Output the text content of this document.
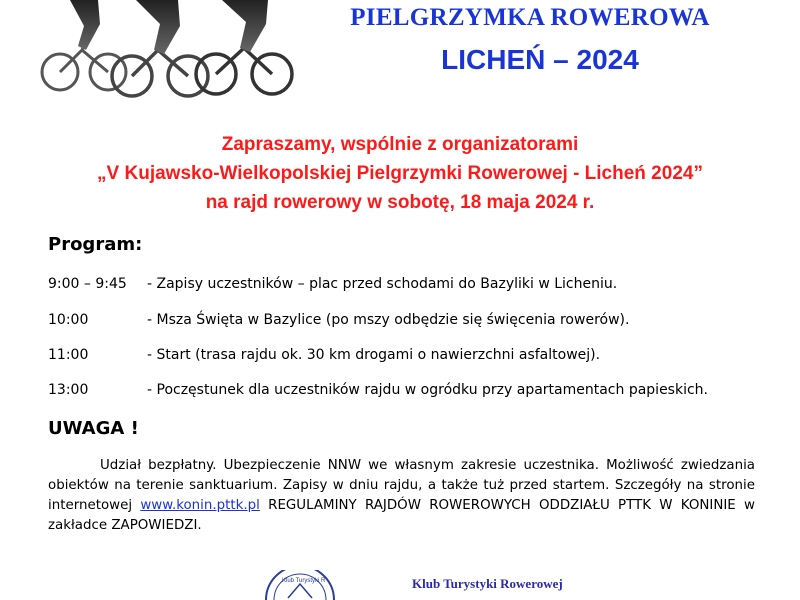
PIELGRZYMKA ROWEROWA
LICHEŃ – 2024
Zapraszamy, wspólnie z organizatorami
„V Kujawsko-Wielkopolskiej Pielgrzymki Rowerowej - Licheń 2024”
na rajd rowerowy w sobotę, 18 maja 2024 r.
Program:
9:00 – 9:45 - Zapisy uczestników – plac przed schodami do Bazyliki w Licheniu.
10:00	- Msza Święta w Bazylice (po mszy odbędzie się święcenia rowerów).
11:00	- Start (trasa rajdu ok. 30 km drogami o nawierzchni asfaltowej).
13:00	- Poczęstunek dla uczestników rajdu w ogródku przy apartamentach papieskich.
UWAGA !
Udział bezpłatny. Ubezpieczenie NNW we własnym zakresie uczestnika. Możliwość zwiedzania obiektów na terenie sanktuarium. Zapisy w dniu rajdu, a także tuż przed startem. Szczegóły na stronie internetowej www.konin.pttk.pl REGULAMINY RAJDÓW ROWEROWYCH ODDZIAŁU PTTK W KONINIE w zakładce ZAPOWIEDZI.
Klub Turystyki R	Klub Turystyki Rowerowej
